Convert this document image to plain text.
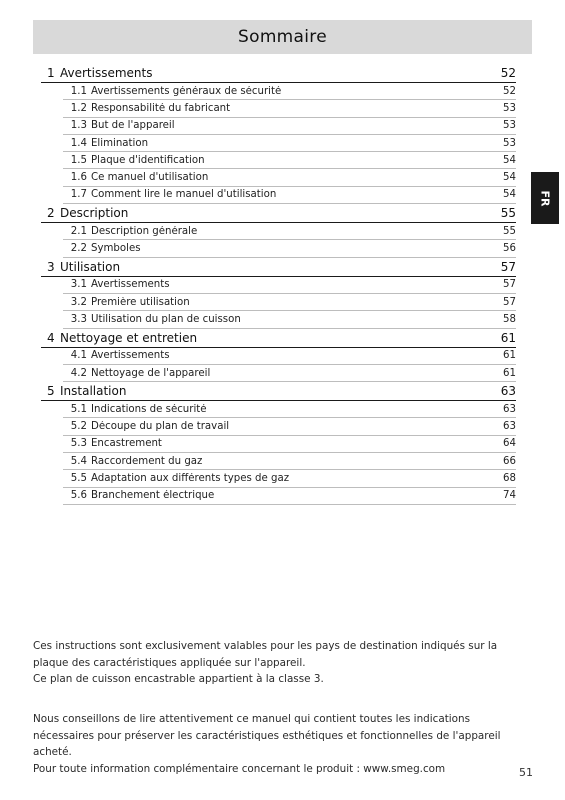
Sommaire
FR
1 Avertissements	52
1.1 Avertissements généraux de sécurité	52
1.2 Responsabilité du fabricant	53
1.3 But de l'appareil	53
1.4 Élimination	53
1.5 Plaque d'identification	54
1.6 Ce manuel d'utilisation	54
1.7 Comment lire le manuel d'utilisation	54
2 Description	55
2.1 Description générale	55
2.2 Symboles	56
3 Utilisation	57
3.1 Avertissements	57
3.2 Première utilisation	57
3.3 Utilisation du plan de cuisson	58
4 Nettoyage et entretien	61
4.1 Avertissements	61
4.2 Nettoyage de l'appareil	61
5 Installation	63
5.1 Indications de sécurité	63
5.2 Découpe du plan de travail	63
5.3 Encastrement	64
5.4 Raccordement du gaz	66
5.5 Adaptation aux différents types de gaz	68
5.6 Branchement électrique	74

Ces instructions sont exclusivement valables pour les pays de destination indiqués sur la plaque des caractéristiques appliquée sur l'appareil.

Ce plan de cuisson encastrable appartient à la classe 3.

Nous conseillons de lire attentivement ce manuel qui contient toutes les indications nécessaires pour préserver les caractéristiques esthétiques et fonctionnelles de l'appareil acheté.

Pour toute information complémentaire concernant le produit : www.smeg.com	51
